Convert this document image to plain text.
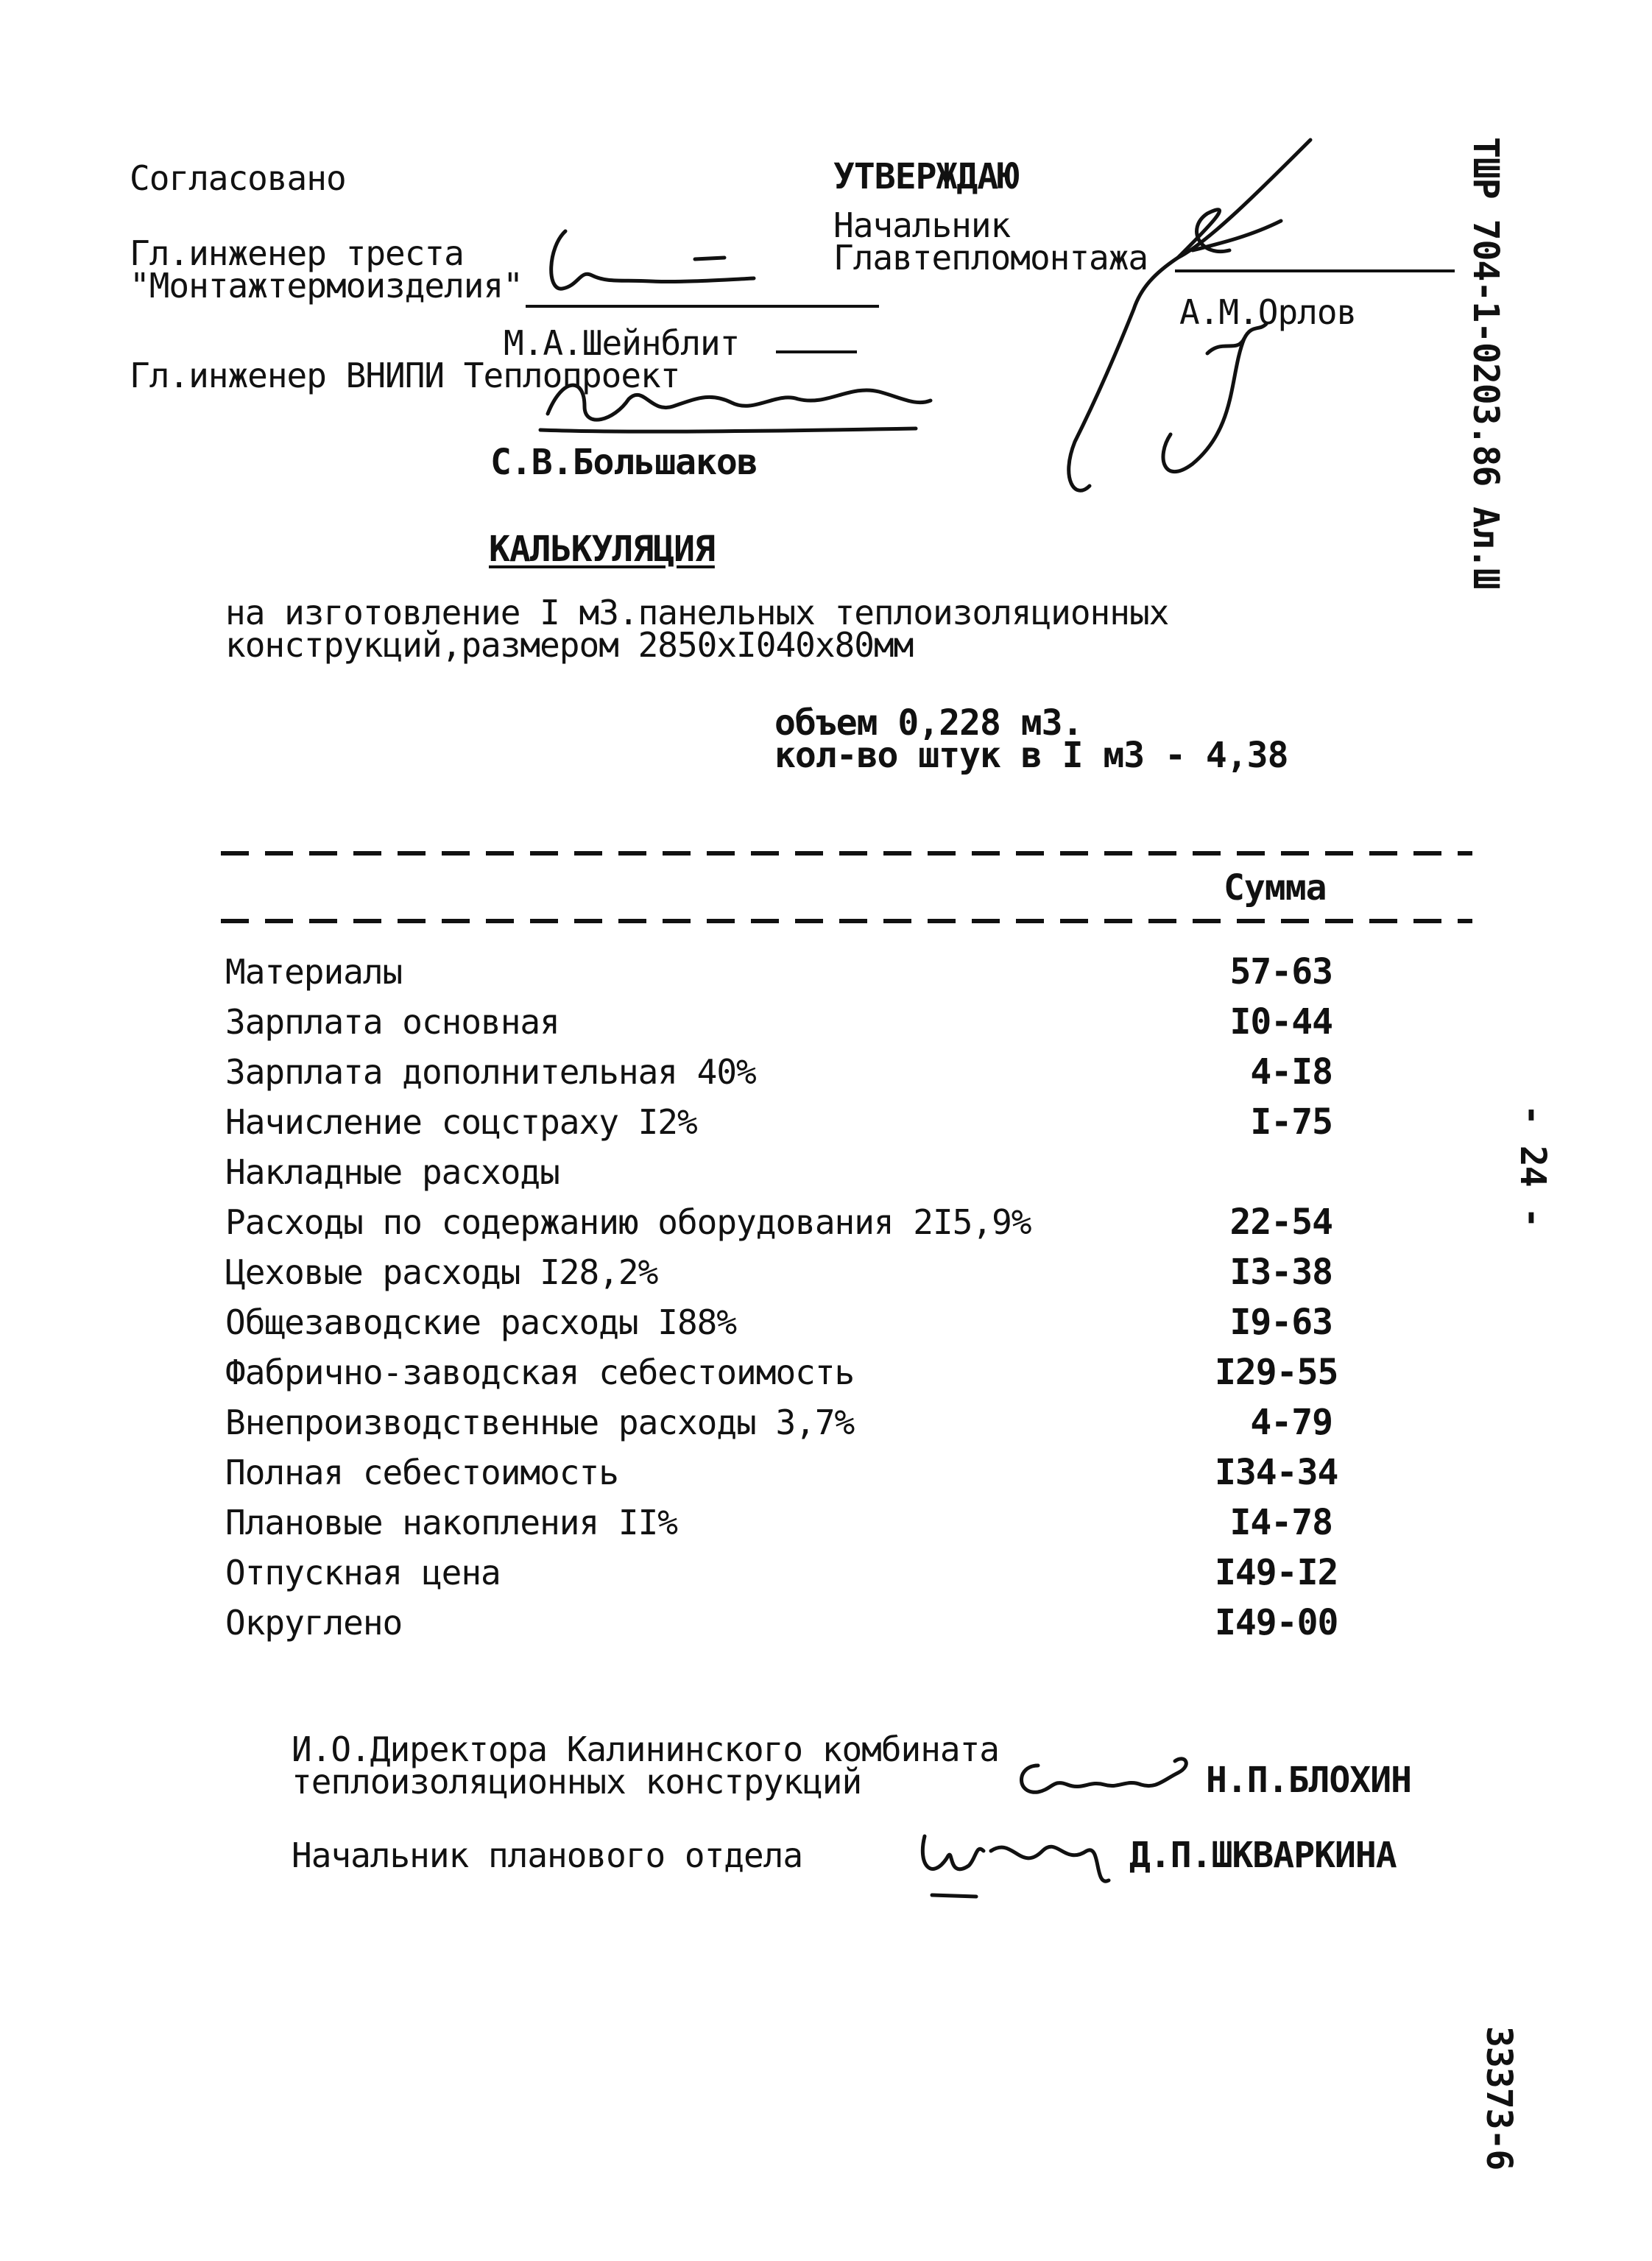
Согласовано
Гл.инженер треста
"Монтажтермоизделия"
М.А.Шейнблит
Гл.инженер ВНИПИ Теплопроект
С.В.Большаков
УТВЕРЖДАЮ
Начальник
Главтепломонтажа
А.М.Орлов	ТШР 704-1-0203.86 Ал.Ш
- 24 -
33373-6
КАЛЬКУЛЯЦИЯ
на изготовление I м3.панельных теплоизоляционных
конструкций,размером 2850хI040х80мм
объем 0,228 м3.
кол-во штук в I м3 - 4,38
Сумма
Материалы	57-63
Зарплата основная	I0-44
Зарплата дополнительная 40%	4-I8
Начисление соцстраху I2%	I-75
Накладные расходы
Расходы по содержанию оборудования 2I5,9%	22-54
Цеховые расходы I28,2%	I3-38
Общезаводские расходы I88%	I9-63
Фабрично-заводская себестоимость	I29-55
Внепроизводственные расходы 3,7%	4-79
Полная себестоимость	I34-34
Плановые накопления II%	I4-78
Отпускная цена	I49-I2
Округлено	I49-00
И.О.Директора Калининского комбината
теплоизоляционных конструкций	Н.П.БЛОХИН
Начальник планового отдела	Д.П.ШКВАРКИНА
